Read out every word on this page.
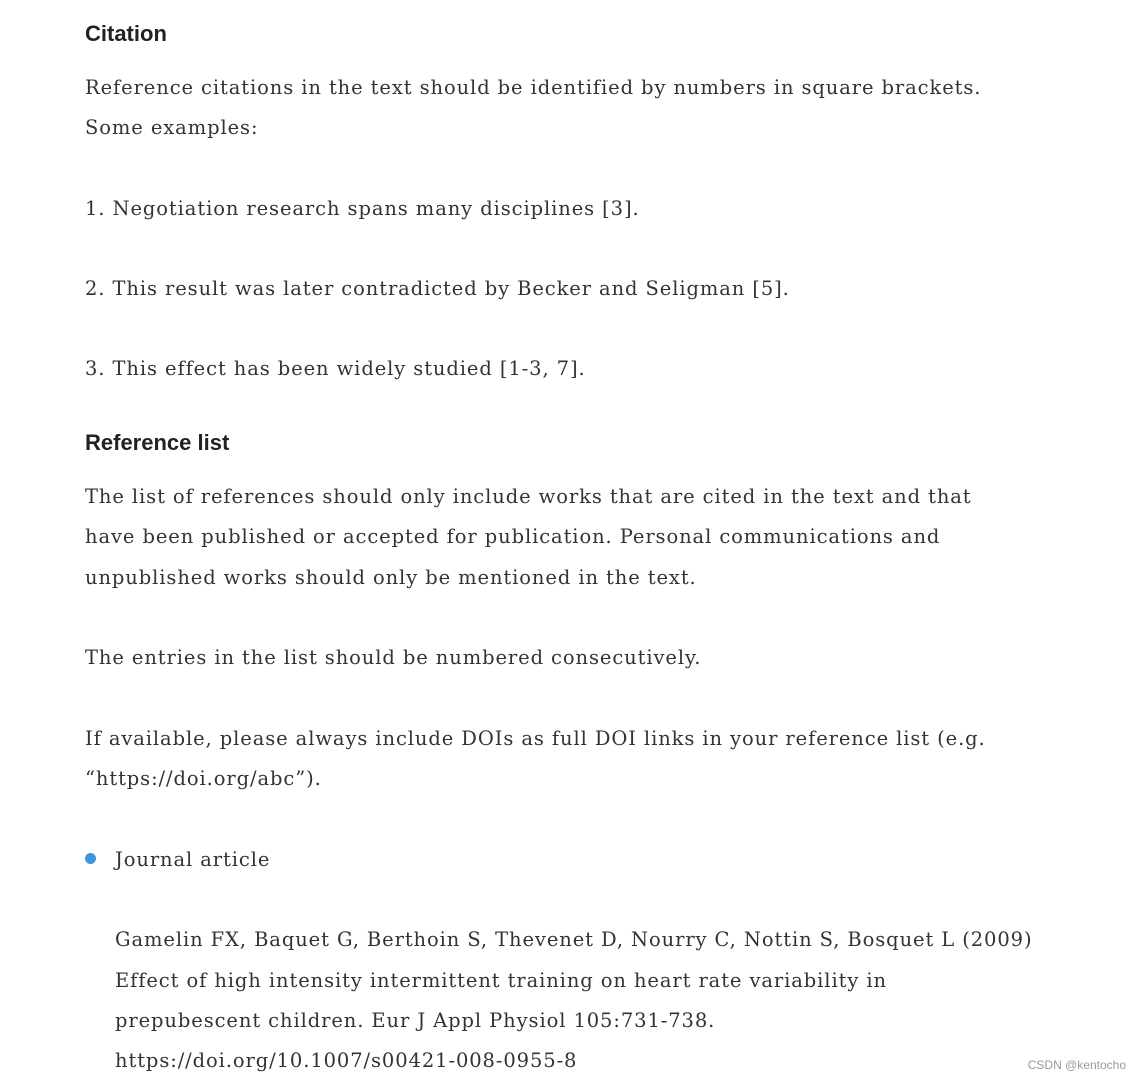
Citation

Reference citations in the text should be identified by numbers in square brackets.

Some examples:

1. Negotiation research spans many disciplines [3].

2. This result was later contradicted by Becker and Seligman [5].

3. This effect has been widely studied [1-3, 7].

Reference list

The list of references should only include works that are cited in the text and that

have been published or accepted for publication. Personal communications and

unpublished works should only be mentioned in the text.

The entries in the list should be numbered consecutively.

If available, please always include DOIs as full DOI links in your reference list (e.g.

“https://doi.org/abc”).

Journal article

Gamelin FX, Baquet G, Berthoin S, Thevenet D, Nourry C, Nottin S, Bosquet L (2009)

Effect of high intensity intermittent training on heart rate variability in

prepubescent children. Eur J Appl Physiol 105:731-738.

https://doi.org/10.1007/s00421-008-0955-8	CSDN @kentocho
